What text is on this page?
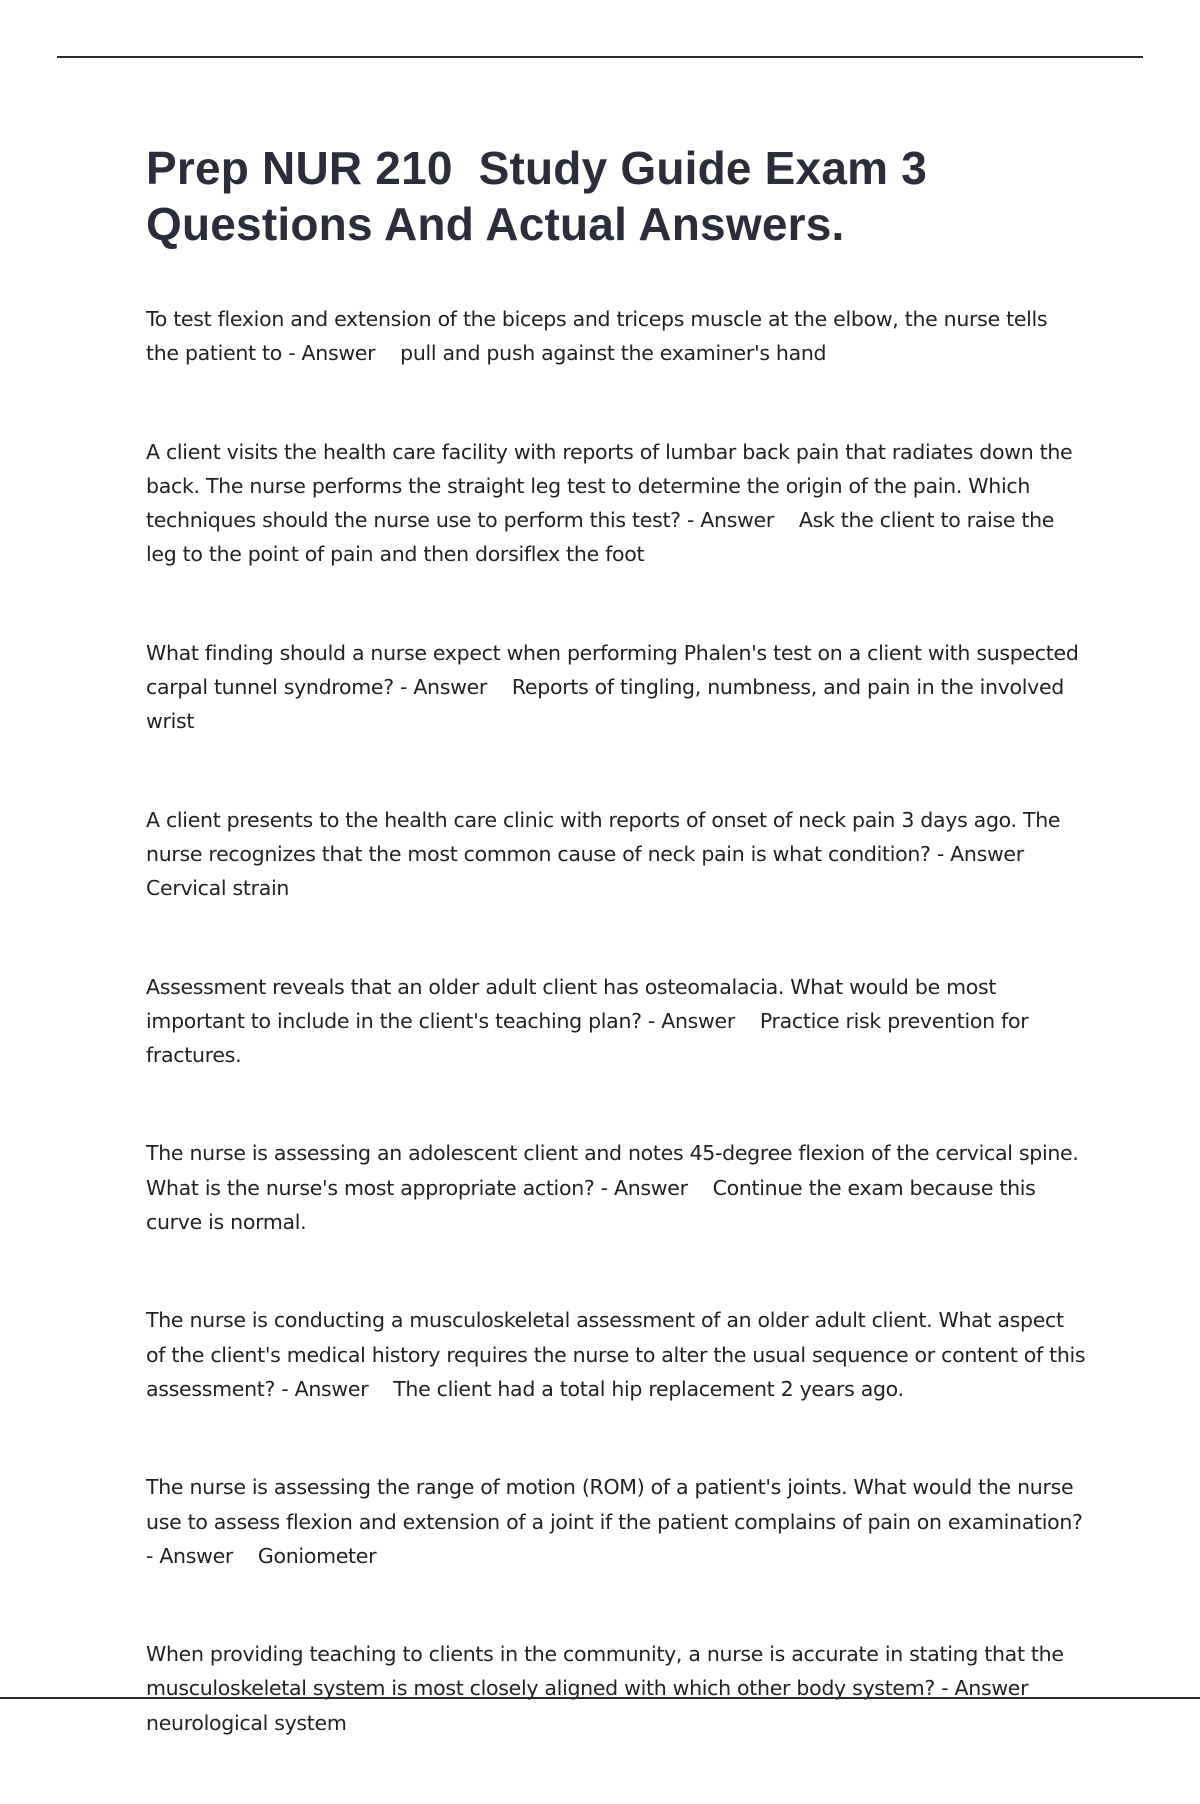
Prep NUR 210  Study Guide Exam 3 Questions And Actual Answers.
To test flexion and extension of the biceps and triceps muscle at the elbow, the nurse tells the patient to - Answer pull and push against the examiner's hand
A client visits the health care facility with reports of lumbar back pain that radiates down the back. The nurse performs the straight leg test to determine the origin of the pain. Which techniques should the nurse use to perform this test? - Answer Ask the client to raise the leg to the point of pain and then dorsiflex the foot
What finding should a nurse expect when performing Phalen's test on a client with suspected carpal tunnel syndrome? - Answer Reports of tingling, numbness, and pain in the involved wrist
A client presents to the health care clinic with reports of onset of neck pain 3 days ago. The nurse recognizes that the most common cause of neck pain is what condition? - Answer    Cervical strain
Assessment reveals that an older adult client has osteomalacia. What would be most important to include in the client's teaching plan? - Answer Practice risk prevention for fractures.
The nurse is assessing an adolescent client and notes 45-degree flexion of the cervical spine. What is the nurse's most appropriate action? - Answer Continue the exam because this curve is normal.
The nurse is conducting a musculoskeletal assessment of an older adult client. What aspect of the client's medical history requires the nurse to alter the usual sequence or content of this assessment? - Answer The client had a total hip replacement 2 years ago.
The nurse is assessing the range of motion (ROM) of a patient's joints. What would the nurse use to assess flexion and extension of a joint if the patient complains of pain on examination? - Answer Goniometer
When providing teaching to clients in the community, a nurse is accurate in stating that the musculoskeletal system is most closely aligned with which other body system? - Answer    neurological system
